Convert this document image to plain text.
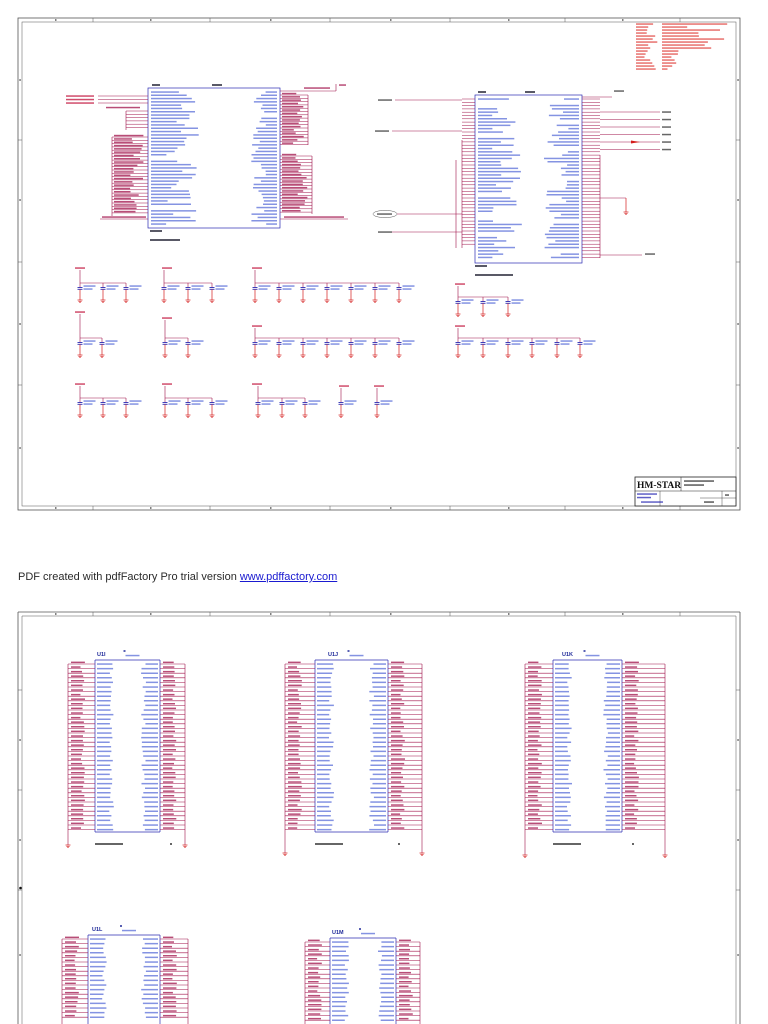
HM-STAR
U1I	U1J	U1K
U1L	U1M
PDF created with pdfFactory Pro trial version www.pdffactory.com
